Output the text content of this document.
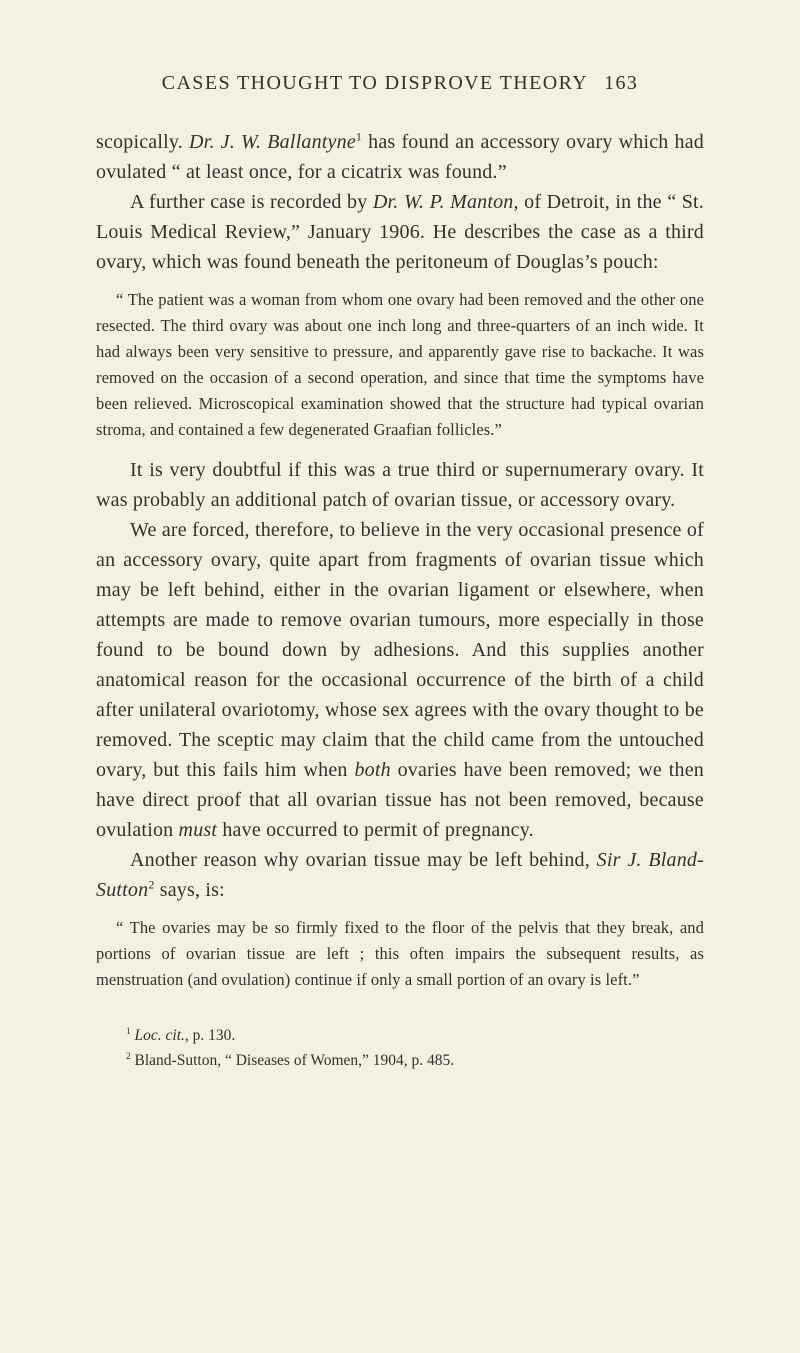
CASES THOUGHT TO DISPROVE THEORY 163

scopically. Dr. J. W. Ballantyne$^1$ has found an accessory ovary which had ovulated “ at least once, for a cicatrix was found.”

A further case is recorded by Dr. W. P. Manton, of Detroit, in the “ St. Louis Medical Review,” January 1906. He describes the case as a third ovary, which was found beneath the peritoneum of Douglas’s pouch:

“ The patient was a woman from whom one ovary had been removed and the other one resected. The third ovary was about one inch long and three-quarters of an inch wide. It had always been very sensitive to pressure, and apparently gave rise to backache. It was removed on the occasion of a second operation, and since that time the symptoms have been relieved. Microscopical examination showed that the structure had typical ovarian stroma, and contained a few degenerated Graafian follicles.”

It is very doubtful if this was a true third or supernumerary ovary. It was probably an additional patch of ovarian tissue, or accessory ovary.

We are forced, therefore, to believe in the very occasional presence of an accessory ovary, quite apart from fragments of ovarian tissue which may be left behind, either in the ovarian ligament or elsewhere, when attempts are made to remove ovarian tumours, more especially in those found to be bound down by adhesions. And this supplies another anatomical reason for the occasional occurrence of the birth of a child after unilateral ovariotomy, whose sex agrees with the ovary thought to be removed. The sceptic may claim that the child came from the untouched ovary, but this fails him when both ovaries have been removed; we then have direct proof that all ovarian tissue has not been removed, because ovulation must have occurred to permit of pregnancy.

Another reason why ovarian tissue may be left behind, Sir J. Bland-Sutton$^2$ says, is:

“ The ovaries may be so firmly fixed to the floor of the pelvis that they break, and portions of ovarian tissue are left ; this often impairs the subsequent results, as menstruation (and ovulation) continue if only a small portion of an ovary is left.”

$^1$ Loc. cit., p. 130.

$^2$ Bland-Sutton, “ Diseases of Women,” 1904, p. 485.
